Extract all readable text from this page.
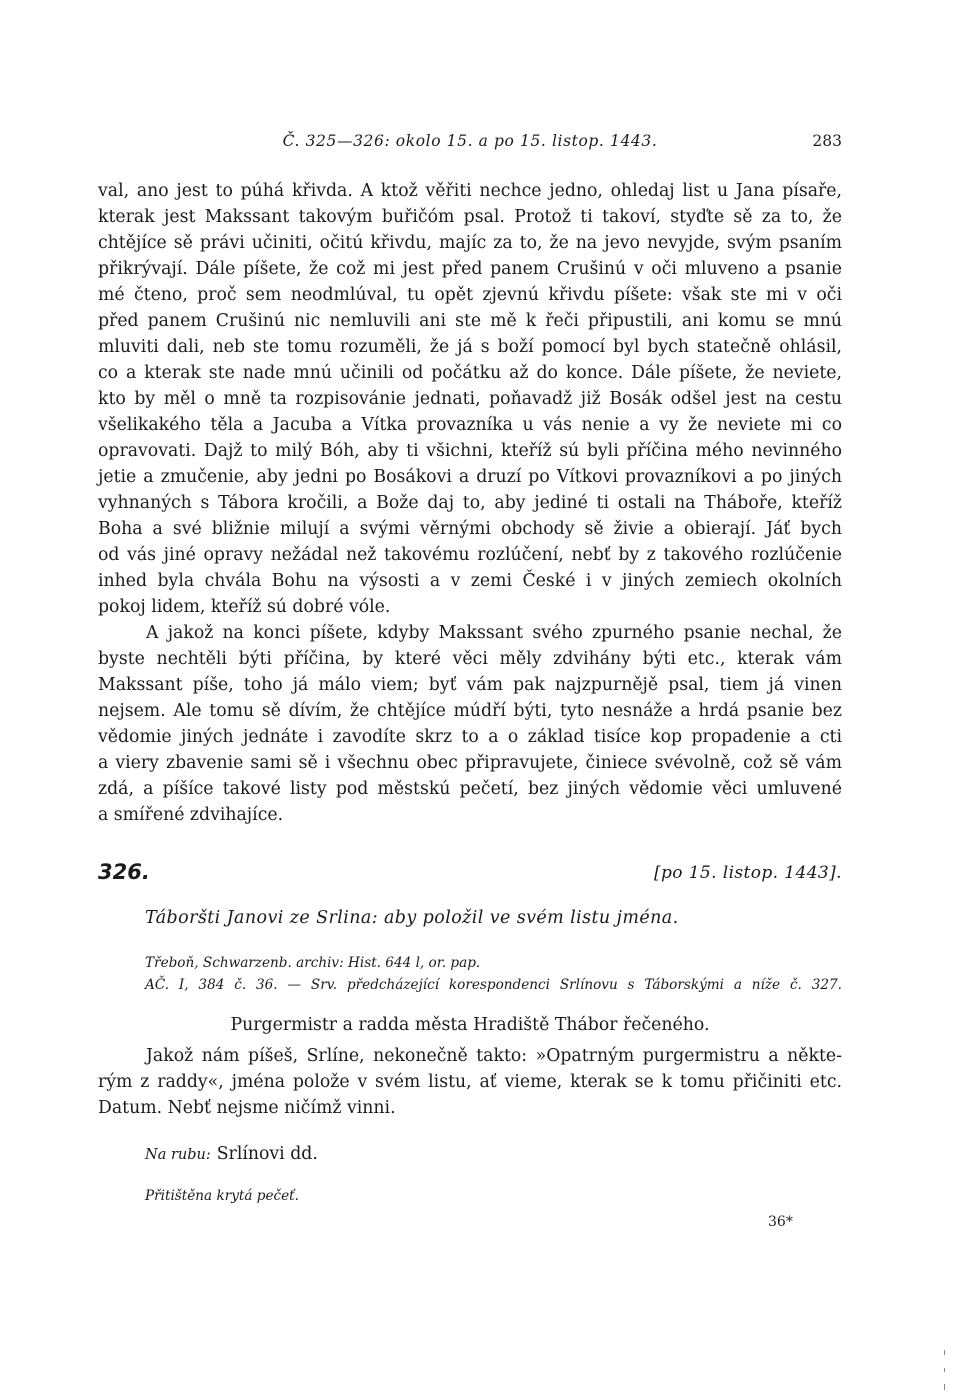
Č. 325—326: okolo 15. a po 15. listop. 1443.	283
val, ano jest to púhá křivda. A ktož věřiti nechce jedno, ohledaj list u Jana písaře,
kterak jest Makssant takovým buřičóm psal. Protož ti takoví, styďte sě za to, že
chtějíce sě právi učiniti, očitú křivdu, majíc za to, že na jevo nevyjde, svým psaním
přikrývají. Dále píšete, že což mi jest před panem Crušinú v oči mluveno a psanie
mé čteno, proč sem neodmlúval, tu opět zjevnú křivdu píšete: však ste mi v oči
před panem Crušinú nic nemluvili ani ste mě k řeči připustili, ani komu se mnú
mluviti dali, neb ste tomu rozuměli, že já s boží pomocí byl bych statečně ohlásil,
co a kterak ste nade mnú učinili od počátku až do konce. Dále píšete, že neviete,
kto by měl o mně ta rozpisovánie jednati, poňavadž již Bosák odšel jest na cestu
všelikakého těla a Jacuba a Vítka provazníka u vás nenie a vy že neviete mi co
opravovati. Dajž to milý Bóh, aby ti všichni, kteříž sú byli příčina mého nevinného
jetie a zmučenie, aby jedni po Bosákovi a druzí po Vítkovi provazníkovi a po jiných
vyhnaných s Tábora kročili, a Bože daj to, aby jediné ti ostali na Tháboře, kteříž
Boha a své bližnie milují a svými věrnými obchody sě živie a obierají. Jáť bych
od vás jiné opravy nežádal než takovému rozlúčení, nebť by z takového rozlúčenie
inhed byla chvála Bohu na výsosti a v zemi České i v jiných zemiech okolních
pokoj lidem, kteříž sú dobré vóle.
A jakož na konci píšete, kdyby Makssant svého zpurného psanie nechal, že
byste nechtěli býti příčina, by které věci měly zdvihány býti etc., kterak vám
Makssant píše, toho já málo viem; byť vám pak najzpurnějě psal, tiem já vinen
nejsem. Ale tomu sě dívím, že chtějíce múdří býti, tyto nesnáže a hrdá psanie bez
vědomie jiných jednáte i zavodíte skrz to a o základ tisíce kop propadenie a cti
a viery zbavenie sami sě i všechnu obec připravujete, činiece svévolně, což sě vám
zdá, a píšíce takové listy pod městskú pečetí, bez jiných vědomie věci umluvené
a smířené zdvihajíce.
326.	[po 15. listop. 1443].
Táboršti Janovi ze Srlina: aby položil ve svém listu jména.
Třeboň, Schwarzenb. archiv: Hist. 644 l, or. pap.
AČ. I, 384 č. 36. — Srv. předcházející korespondenci Srlínovu s Táborskými a níže č. 327.
Purgermistr a radda města Hradiště Thábor řečeného.
Jakož nám píšeš, Srlíne, nekonečně takto: »Opatrným purgermistru a někte-
rým z raddy«, jména polože v svém listu, ať vieme, kterak se k tomu přičiniti etc.
Datum. Nebť nejsme ničímž vinni.
Na rubu: Srlínovi dd.
Přitištěna krytá pečeť.
36*
